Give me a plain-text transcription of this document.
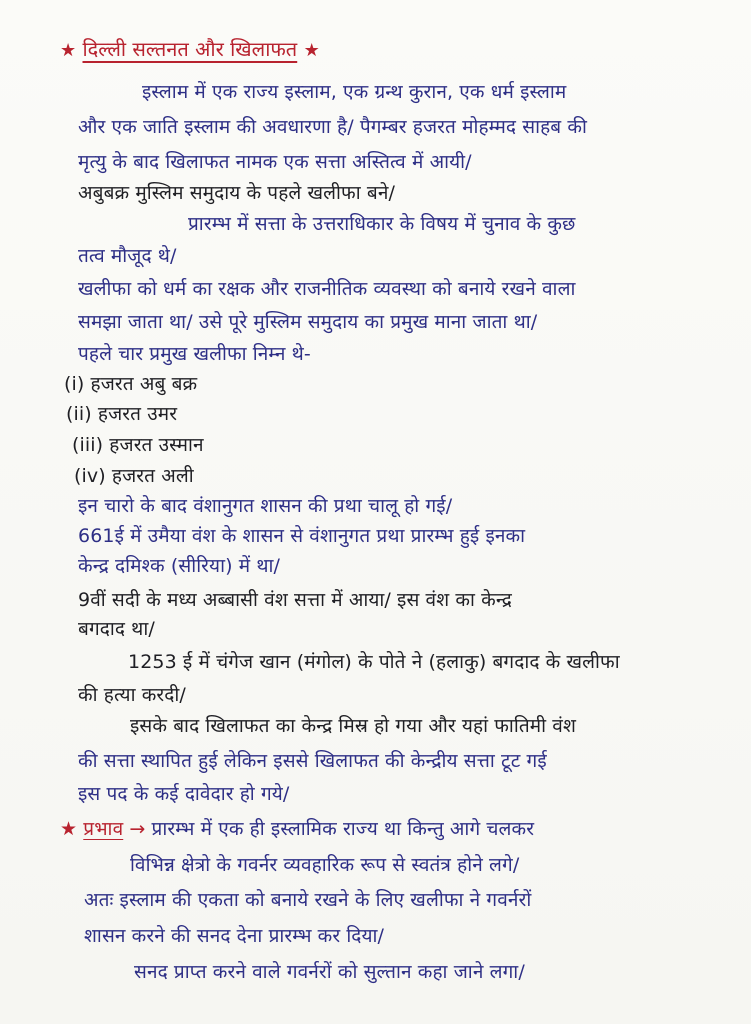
★ दिल्ली सल्तनत और खिलाफत ★
इस्लाम में एक राज्य इस्लाम, एक ग्रन्थ कुरान, एक धर्म इस्लाम
और एक जाति इस्लाम की अवधारणा है/ पैगम्बर हजरत मोहम्मद साहब की
मृत्यु के बाद खिलाफत नामक एक सत्ता अस्तित्व में आयी/
अबुबक्र मुस्लिम समुदाय के पहले खलीफा बने/
प्रारम्भ में सत्ता के उत्तराधिकार के विषय में चुनाव के कुछ
तत्व मौजूद थे/
खलीफा को धर्म का रक्षक और राजनीतिक व्यवस्था को बनाये रखने वाला
समझा जाता था/ उसे पूरे मुस्लिम समुदाय का प्रमुख माना जाता था/
पहले चार प्रमुख खलीफा निम्न थे-
(i) हजरत अबु बक्र
(ii) हजरत उमर
(iii) हजरत उस्मान
(iv) हजरत अली
इन चारो के बाद वंशानुगत शासन की प्रथा चालू हो गई/
661ई में उमैया वंश के शासन से वंशानुगत प्रथा प्रारम्भ हुई इनका
केन्द्र दमिश्क (सीरिया) में था/
9वीं सदी के मध्य अब्बासी वंश सत्ता में आया/ इस वंश का केन्द्र
बगदाद था/
1253 ई में चंगेज खान (मंगोल) के पोते ने (हलाकु) बगदाद के खलीफा
की हत्या करदी/
इसके बाद खिलाफत का केन्द्र मिस्र हो गया और यहां फातिमी वंश
की सत्ता स्थापित हुई लेकिन इससे खिलाफत की केन्द्रीय सत्ता टूट गई
इस पद के कई दावेदार हो गये/
★ प्रभाव → प्रारम्भ में एक ही इस्लामिक राज्य था किन्तु आगे चलकर
विभिन्न क्षेत्रो के गवर्नर व्यवहारिक रूप से स्वतंत्र होने लगे/
अतः इस्लाम की एकता को बनाये रखने के लिए खलीफा ने गवर्नरों
शासन करने की सनद देना प्रारम्भ कर दिया/
सनद प्राप्त करने वाले गवर्नरों को सुल्तान कहा जाने लगा/
